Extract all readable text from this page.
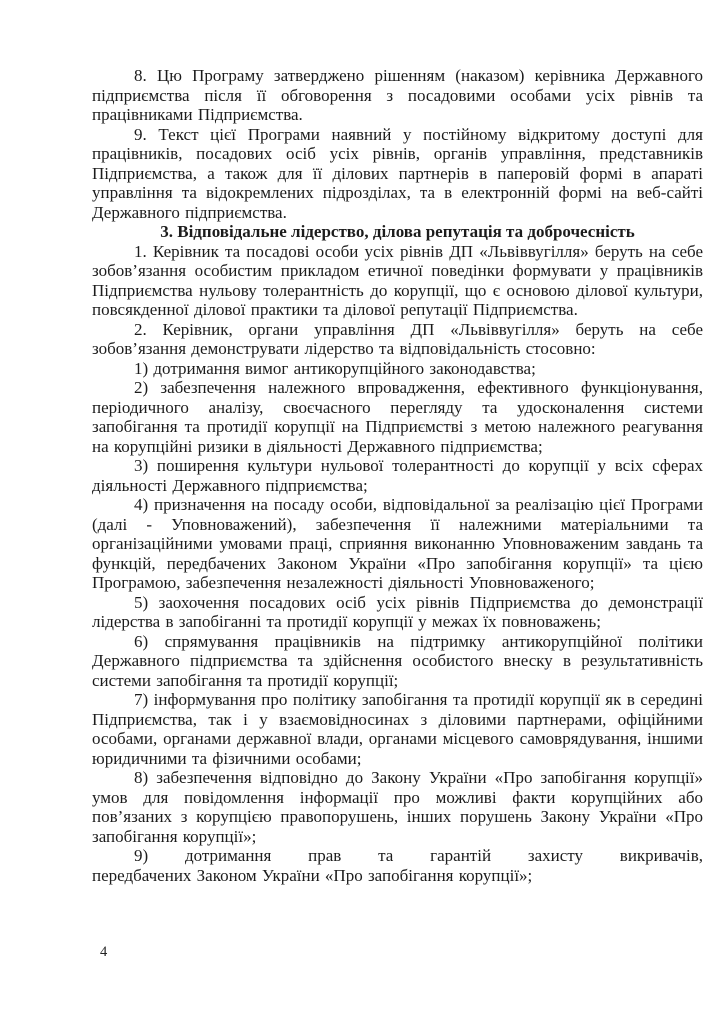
8. Цю Програму затверджено рішенням (наказом) керівника Державного підприємства після її обговорення з посадовими особами усіх рівнів та працівниками Підприємства.

9. Текст цієї Програми наявний у постійному відкритому доступі для працівників, посадових осіб усіх рівнів, органів управління, представників Підприємства, а також для її ділових партнерів в паперовій формі в апараті управління та відокремлених підрозділах, та в електронній формі на веб-сайті Державного підприємства.

3. Відповідальне лідерство, ділова репутація та доброчесність

1. Керівник та посадові особи усіх рівнів ДП «Львіввугілля» беруть на себе зобов’язання особистим прикладом етичної поведінки формувати у працівників Підприємства нульову толерантність до корупції, що є основою ділової культури, повсякденної ділової практики та ділової репутації Підприємства.

2. Керівник, органи управління ДП «Львіввугілля» беруть на себе зобов’язання демонструвати лідерство та відповідальність стосовно:

1) дотримання вимог антикорупційного законодавства;

2) забезпечення належного впровадження, ефективного функціонування, періодичного аналізу, своєчасного перегляду та удосконалення системи запобігання та протидії корупції на Підприємстві з метою належного реагування на корупційні ризики в діяльності Державного підприємства;

3) поширення культури нульової толерантності до корупції у всіх сферах діяльності Державного підприємства;

4) призначення на посаду особи, відповідальної за реалізацію цієї Програми (далі - Уповноважений), забезпечення її належними матеріальними та організаційними умовами праці, сприяння виконанню Уповноваженим завдань та функцій, передбачених Законом України «Про запобігання корупції» та цією Програмою, забезпечення незалежності діяльності Уповноваженого;

5) заохочення посадових осіб усіх рівнів Підприємства до демонстрації лідерства в запобіганні та протидії корупції у межах їх повноважень;

6) спрямування працівників на підтримку антикорупційної політики Державного підприємства та здійснення особистого внеску в результативність системи запобігання та протидії корупції;

7) інформування про політику запобігання та протидії корупції як в середині Підприємства, так і у взаємовідносинах з діловими партнерами, офіційними особами, органами державної влади, органами місцевого самоврядування, іншими юридичними та фізичними особами;

8) забезпечення відповідно до Закону України «Про запобігання корупції» умов для повідомлення інформації про можливі факти корупційних або пов’язаних з корупцією правопорушень, інших порушень Закону України «Про запобігання корупції»;

9) дотримання прав та гарантій захисту викривачів,
передбачених Законом України «Про запобігання корупції»;

4
